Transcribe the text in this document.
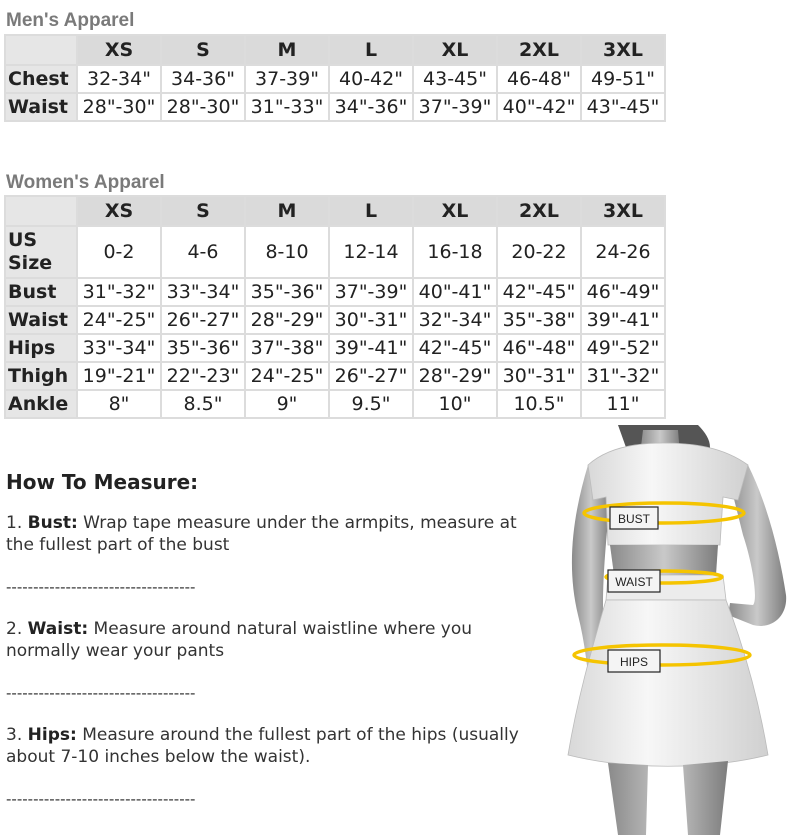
Men's Apparel
	XS	S	M	L	XL	2XL	3XL
Chest	32-34"	34-36"	37-39"	40-42"	43-45"	46-48"	49-51"
Waist	28"-30"	28"-30"	31"-33"	34"-36"	37"-39"	40"-42"	43"-45"
Women's Apparel
	XS	S	M	L	XL	2XL	3XL
US Size	0-2	4-6	8-10	12-14	16-18	20-22	24-26
Bust	31"-32"	33"-34"	35"-36"	37"-39"	40"-41"	42"-45"	46"-49"
Waist	24"-25"	26"-27"	28"-29"	30"-31"	32"-34"	35"-38"	39"-41"
Hips	33"-34"	35"-36"	37"-38"	39"-41"	42"-45"	46"-48"	49"-52"
Thigh	19"-21"	22"-23"	24"-25"	26"-27"	28"-29"	30"-31"	31"-32"
Ankle	8"	8.5"	9"	9.5"	10"	10.5"	11"
How To Measure:

1. Bust: Wrap tape measure under the armpits, measure at the fullest part of the bust

-----------------------------------

2. Waist: Measure around natural waistline where you normally wear your pants

-----------------------------------

3. Hips: Measure around the fullest part of the hips (usually about 7-10 inches below the waist).

-----------------------------------
BUST
WAIST
HIPS
